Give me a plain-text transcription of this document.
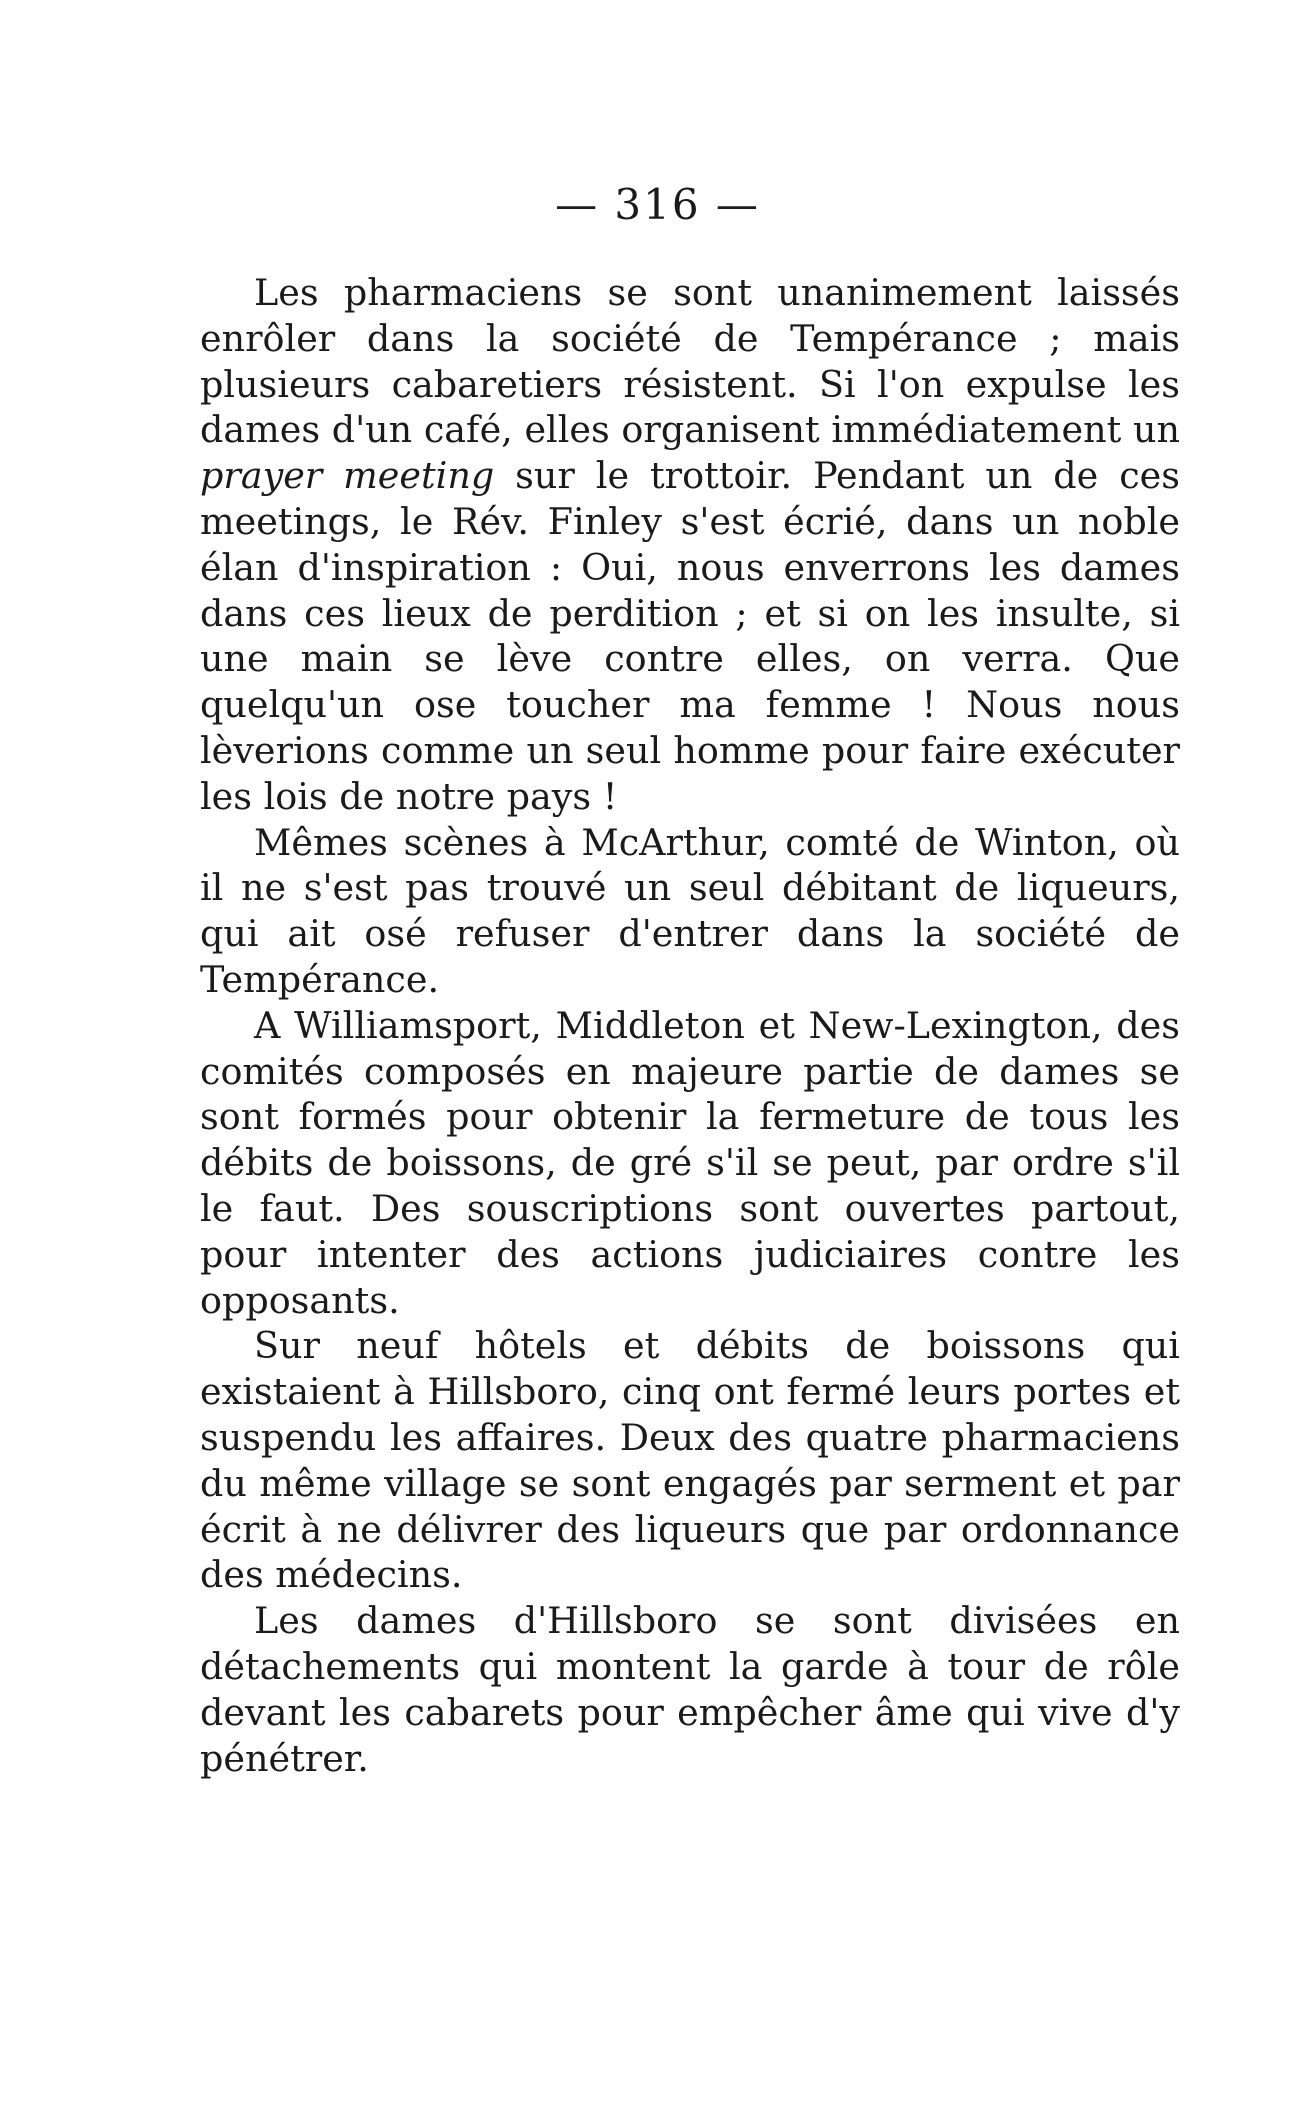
— 316 —

Les pharmaciens se sont unanimement laissés enrôler dans la société de Tempérance ; mais plusieurs cabaretiers résistent. Si l'on expulse les dames d'un café, elles organisent immédiatement un prayer meeting sur le trottoir. Pendant un de ces meetings, le Rév. Finley s'est écrié, dans un noble élan d'inspiration : Oui, nous enverrons les dames dans ces lieux de perdition ; et si on les insulte, si une main se lève contre elles, on verra. Que quelqu'un ose toucher ma femme ! Nous nous lèverions comme un seul homme pour faire exécuter les lois de notre pays !

Mêmes scènes à McArthur, comté de Winton, où il ne s'est pas trouvé un seul débitant de liqueurs, qui ait osé refuser d'entrer dans la société de Tempérance.

A Williamsport, Middleton et New-Lexington, des comités composés en majeure partie de dames se sont formés pour obtenir la fermeture de tous les débits de boissons, de gré s'il se peut, par ordre s'il le faut. Des souscriptions sont ouvertes partout, pour intenter des actions judiciaires contre les opposants.

Sur neuf hôtels et débits de boissons qui existaient à Hillsboro, cinq ont fermé leurs portes et suspendu les affaires. Deux des quatre pharmaciens du même village se sont engagés par serment et par écrit à ne délivrer des liqueurs que par ordonnance des médecins.

Les dames d'Hillsboro se sont divisées en détachements qui montent la garde à tour de rôle devant les cabarets pour empêcher âme qui vive d'y pénétrer.
